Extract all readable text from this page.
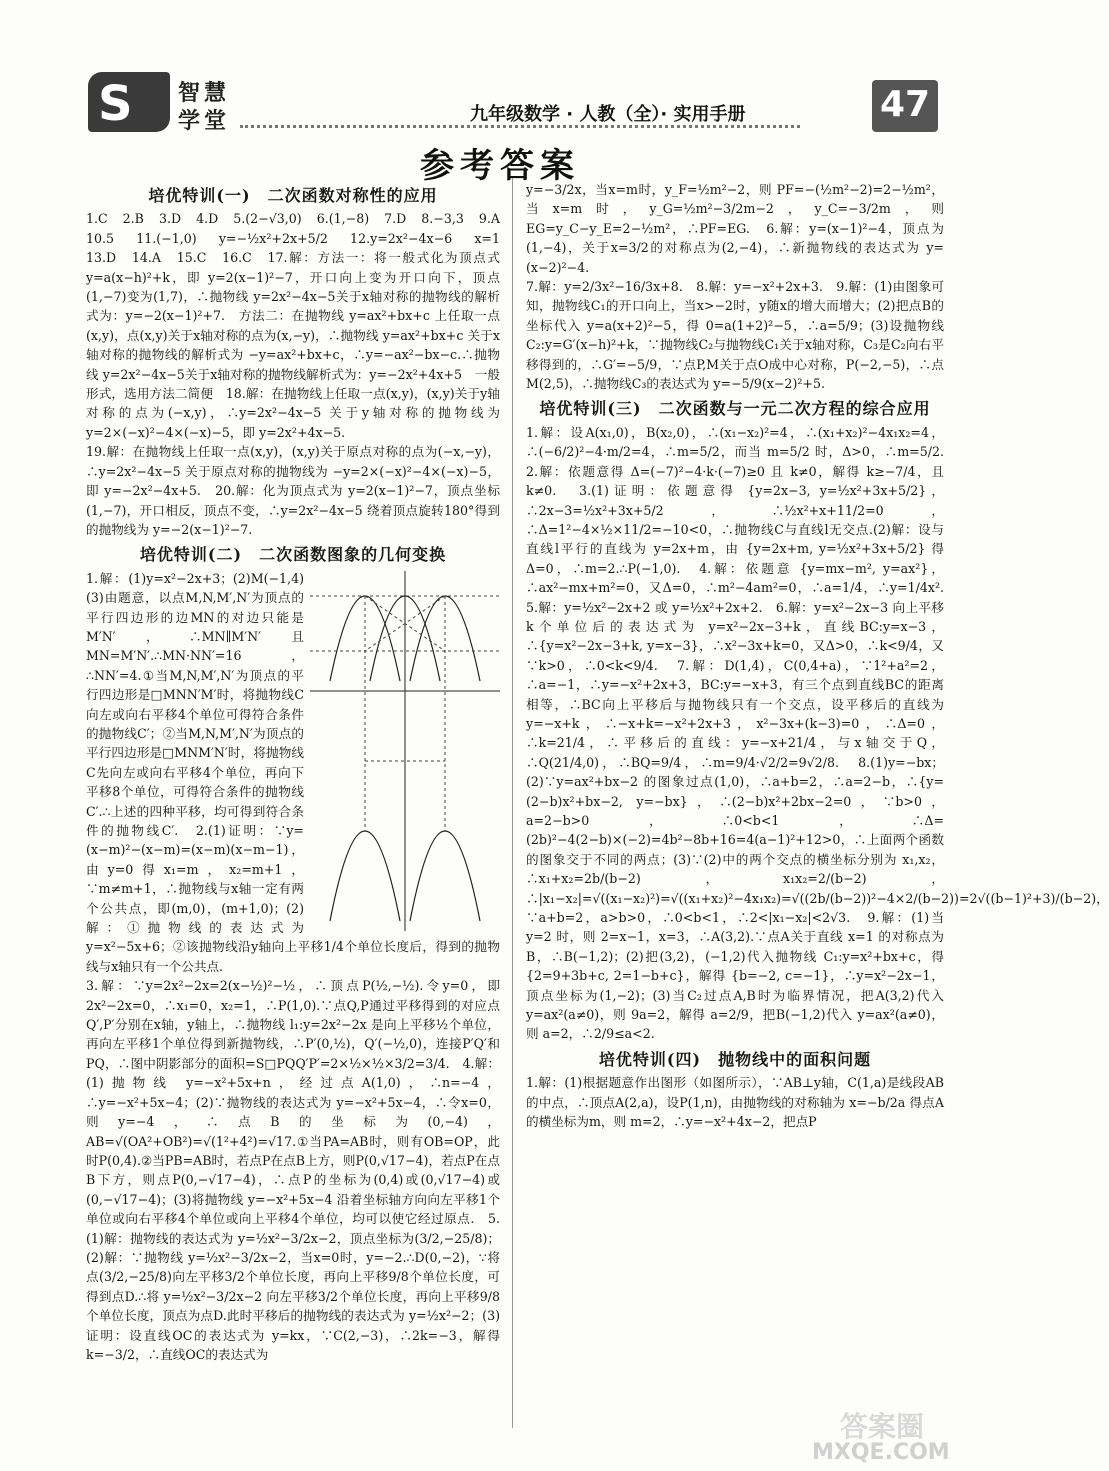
S 智慧
学堂	九年级数学 · 人教（全）· 实用手册	47
参考答案
培优特训(一)　二次函数对称性的应用

1.C　2.B　3.D　4.D　5.(2−√3,0)　6.(1,−8)　7.D　8.−3,3　9.A　10.5　11.(−1,0)　y=−½x²+2x+5/2　12.y=2x²−4x−6　x=1　13.D　14.A　15.C　16.C　17.解：方法一：将一般式化为顶点式 y=a(x−h)²+k，即 y=2(x−1)²−7，开口向上变为开口向下，顶点(1,−7)变为(1,7)，∴抛物线 y=2x²−4x−5关于x轴对称的抛物线的解析式为：y=−2(x−1)²+7.　方法二：在抛物线 y=ax²+bx+c 上任取一点(x,y)，点(x,y)关于x轴对称的点为(x,−y)，∴抛物线 y=ax²+bx+c 关于x轴对称的抛物线的解析式为 −y=ax²+bx+c，∴y=−ax²−bx−c.∴抛物线 y=2x²−4x−5关于x轴对称的抛物线解析式为：y=−2x²+4x+5　一般形式，选用方法二简便　18.解：在抛物线上任取一点(x,y)，(x,y)关于y轴对称的点为(−x,y)，∴y=2x²−4x−5 关于y轴对称的抛物线为 y=2×(−x)²−4×(−x)−5，即 y=2x²+4x−5.

19.解：在抛物线上任取一点(x,y)，(x,y)关于原点对称的点为(−x,−y)，∴y=2x²−4x−5 关于原点对称的抛物线为 −y=2×(−x)²−4×(−x)−5，即 y=−2x²−4x+5.　20.解：化为顶点式为 y=2(x−1)²−7，顶点坐标(1,−7)，开口相反，顶点不变，∴y=2x²−4x−5 绕着顶点旋转180°得到的抛物线为 y=−2(x−1)²−7.

培优特训(二)　二次函数图象的几何变换

1.解：(1)y=x²−2x+3；(2)M(−1,4)　(3)由题意，以点M,N,M′,N′为顶点的平行四边形的边MN的对边只能是M′N′，∴MN∥M′N′且MN=M′N′.∴MN·NN′=16，∴NN′=4.①当M,N,M′,N′为顶点的平行四边形是□MNN′M′时，将抛物线C向左或向右平移4个单位可得符合条件的抛物线C′；②当M,N,M′,N′为顶点的平行四边形是□MNM′N′时，将抛物线C先向左或向右平移4个单位，再向下平移8个单位，可得符合条件的抛物线C′.∴上述的四种平移，均可得到符合条件的抛物线C′.　2.(1)证明：∵y=(x−m)²−(x−m)=(x−m)(x−m−1)，由y=0得x₁=m，x₂=m+1，∵m≠m+1，∴抛物线与x轴一定有两个公共点，即(m,0)，(m+1,0)；(2)解：①抛物线的表达式为 y=x²−5x+6；②该抛物线沿y轴向上平移1/4个单位长度后，得到的抛物线与x轴只有一个公共点.

3.解：∵y=2x²−2x=2(x−½)²−½，∴顶点P(½,−½).令y=0，即2x²−2x=0，∴x₁=0，x₂=1，∴P(1,0).∵点Q,P通过平移得到的对应点Q′,P′分别在x轴，y轴上，∴抛物线 l₁:y=2x²−2x 是向上平移½个单位，再向左平移1个单位得到新抛物线，∴P′(0,½)，Q′(−½,0)，连接P′Q′和PQ，∴图中阴影部分的面积=S□PQQ′P′=2×½×½×3/2=3/4.　4.解：(1)抛物线 y=−x²+5x+n，经过点A(1,0)，∴n=−4，∴y=−x²+5x−4；(2)∵抛物线的表达式为 y=−x²+5x−4，∴令x=0，则y=−4，∴点B的坐标为(0,−4)，AB=√(OA²+OB²)=√(1²+4²)=√17.①当PA=AB时，则有OB=OP，此时P(0,4).②当PB=AB时，若点P在点B上方，则P(0,√17−4)，若点P在点B下方，则点P(0,−√17−4)，∴点P的坐标为(0,4)或(0,√17−4)或(0,−√17−4)；(3)将抛物线 y=−x²+5x−4 沿着坐标轴方向向左平移1个单位或向右平移4个单位或向上平移4个单位，均可以使它经过原点.　5.(1)解：抛物线的表达式为 y=½x²−3/2x−2，顶点坐标为(3/2,−25/8)；(2)解：∵抛物线 y=½x²−3/2x−2，当x=0时，y=−2.∴D(0,−2)，∵将点(3/2,−25/8)向左平移3/2个单位长度，再向上平移9/8个单位长度，可得到点D.∴将 y=½x²−3/2x−2 向左平移3/2个单位长度，再向上平移9/8个单位长度，顶点为点D.此时平移后的抛物线的表达式为 y=½x²−2；(3)证明：设直线OC的表达式为 y=kx，∵C(2,−3)，∴2k=−3，解得 k=−3/2，∴直线OC的表达式为

y=−3/2x，当x=m时，y_F=½m²−2，则 PF=−(½m²−2)=2−½m²，当x=m时，y_G=½m²−3/2m−2，y_C=−3/2m，则 EG=y_C−y_E=2−½m²，∴PF=EG.　6.解：y=(x−1)²−4，顶点为(1,−4)，关于x=3/2的对称点为(2,−4)，∴新抛物线的表达式为 y=(x−2)²−4.

7.解：y=2/3x²−16/3x+8.　8.解：y=−x²+2x+3.　9.解：(1)由图象可知，抛物线C₁的开口向上，当x>−2时，y随x的增大而增大；(2)把点B的坐标代入 y=a(x+2)²−5，得 0=a(1+2)²−5，∴a=5/9；(3)设抛物线 C₂:y=G′(x−h)²+k，∵抛物线C₂与抛物线C₁关于x轴对称，C₃是C₂向右平移得到的，∴G′=−5/9，∵点P,M关于点O成中心对称，P(−2,−5)，∴点M(2,5)，∴抛物线C₃的表达式为 y=−5/9(x−2)²+5.

培优特训(三)　二次函数与一元二次方程的综合应用

1.解：设A(x₁,0)，B(x₂,0)，∴(x₁−x₂)²=4，∴(x₁+x₂)²−4x₁x₂=4，∴(−6/2)²−4·m/2=4，∴m=5/2，而当 m=5/2 时，Δ>0，∴m=5/2.　2.解：依题意得 Δ=(−7)²−4·k·(−7)≥0 且 k≠0，解得 k≥−7/4，且 k≠0.　3.(1)证明：依题意得 {y=2x−3, y=½x²+3x+5/2}，∴2x−3=½x²+3x+5/2，∴½x²+x+11/2=0，∴Δ=1²−4×½×11/2=−10<0，∴抛物线C与直线l无交点.(2)解：设与直线l平行的直线为 y=2x+m，由 {y=2x+m, y=½x²+3x+5/2} 得 Δ=0，∴m=2.∴P(−1,0).　4.解：依题意 {y=mx−m², y=ax²}，∴ax²−mx+m²=0，又Δ=0，∴m²−4am²=0，∴a=1/4，∴y=1/4x².　5.解：y=½x²−2x+2 或 y=½x²+2x+2.　6.解：y=x²−2x−3 向上平移k个单位后的表达式为 y=x²−2x−3+k，直线BC:y=x−3，∴{y=x²−2x−3+k, y=x−3}，∴x²−3x+k=0，又Δ>0，∴k<9/4，又∵k>0，∴0<k<9/4.　7.解：D(1,4)，C(0,4+a)，∵1²+a²=2，∴a=−1，∴y=−x²+2x+3，BC:y=−x+3，有三个点到直线BC的距离相等，∴BC向上平移后与抛物线只有一个交点，设平移后的直线为 y=−x+k，∴−x+k=−x²+2x+3，x²−3x+(k−3)=0，∴Δ=0，∴k=21/4，∴平移后的直线：y=−x+21/4，与x轴交于Q，∴Q(21/4,0)，∴BQ=9/4，∴m=9/4·√2/2=9√2/8.　8.(1)y=−bx；(2)∵y=ax²+bx−2 的图象过点(1,0)，∴a+b=2，∴a=2−b，∴{y=(2−b)x²+bx−2, y=−bx}，∴(2−b)x²+2bx−2=0，∵b>0，a=2−b>0，∴0<b<1，∴Δ=(2b)²−4(2−b)×(−2)=4b²−8b+16=4(a−1)²+12>0，∴上面两个函数的图象交于不同的两点；(3)∵(2)中的两个交点的横坐标分别为 x₁,x₂，∴x₁+x₂=2b/(b−2)，x₁x₂=2/(b−2)，∴|x₁−x₂|=√((x₁−x₂)²)=√((x₁+x₂)²−4x₁x₂)=√((2b/(b−2))²−4×2/(b−2))=2√((b−1)²+3)/(b−2)，∵a+b=2，a>b>0，∴0<b<1，∴2<|x₁−x₂|<2√3.　9.解：(1)当 y=2 时，则 2=x−1，x=3，∴A(3,2).∵点A关于直线 x=1 的对称点为B，∴B(−1,2)；(2)把(3,2)，(−1,2)代入抛物线 C₁:y=x²+bx+c，得 {2=9+3b+c, 2=1−b+c}，解得 {b=−2, c=−1}，∴y=x²−2x−1，顶点坐标为(1,−2)；(3)当C₂过点A,B时为临界情况，把A(3,2)代入 y=ax²(a≠0)，则 9a=2，解得 a=2/9，把B(−1,2)代入 y=ax²(a≠0)，则 a=2，∴2/9≤a<2.

培优特训(四)　抛物线中的面积问题

1.解：(1)根据题意作出图形（如图所示），∵AB⊥y轴，C(1,a)是线段AB的中点，∴顶点A(2,a)，设P(1,n)，由抛物线的对称轴为 x=−b/2a 得点A的横坐标为m，则 m=2，∴y=−x²+4x−2，把点P

答案圈
MXQE.COM
